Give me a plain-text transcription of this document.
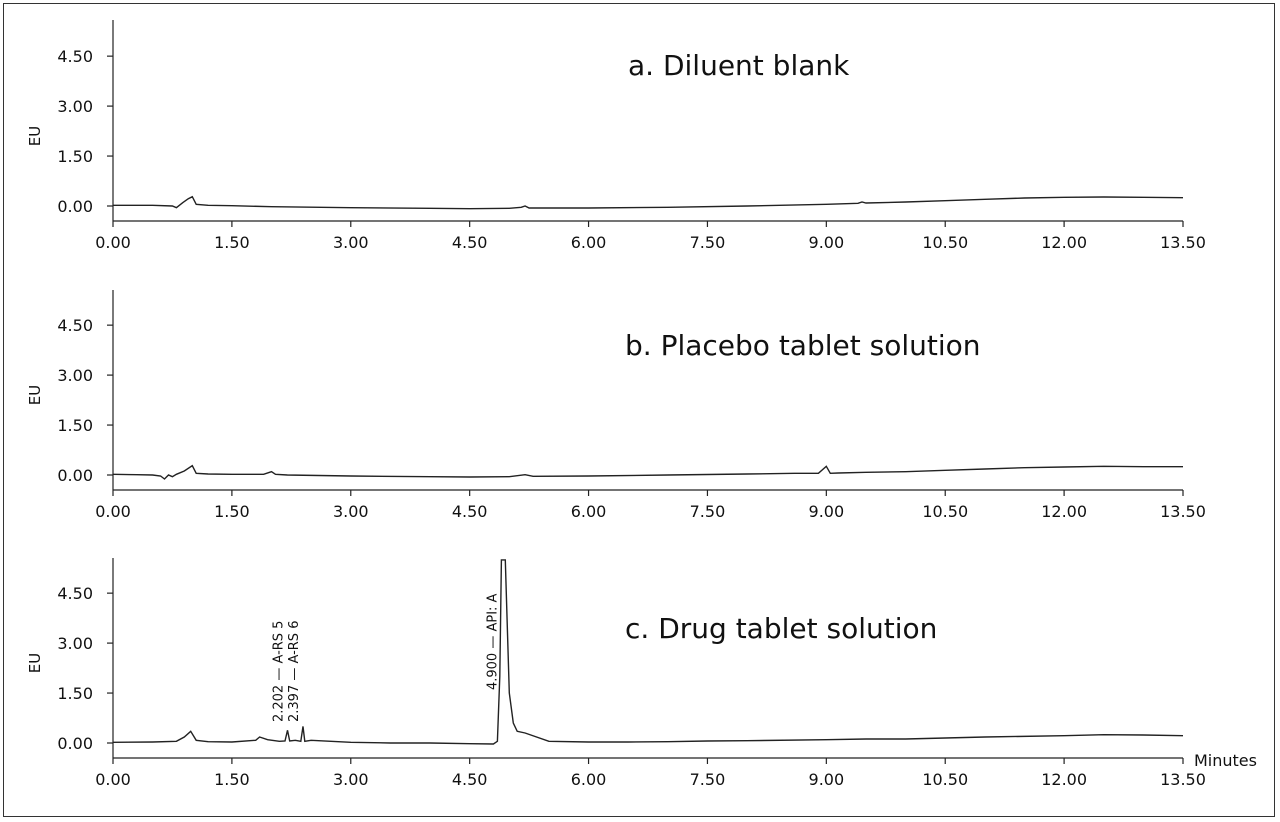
a. Diluent blank
EU
0.00	1.50	3.00	4.50	6.00	7.50	9.00	10.50	12.00	13.50
0.00
1.50
3.00
4.50
b. Placebo tablet solution
EU
0.00	1.50	3.00	4.50	6.00	7.50	9.00	10.50	12.00	13.50
0.00
1.50
3.00
4.50
c. Drug tablet solution
EU
Minutes
0.00	1.50	3.00	4.50	6.00	7.50	9.00	10.50	12.00	13.50
0.00
1.50
3.00
4.50
2.202 — A-RS 5 2.397 — A-RS 6	4.900 — API: A
